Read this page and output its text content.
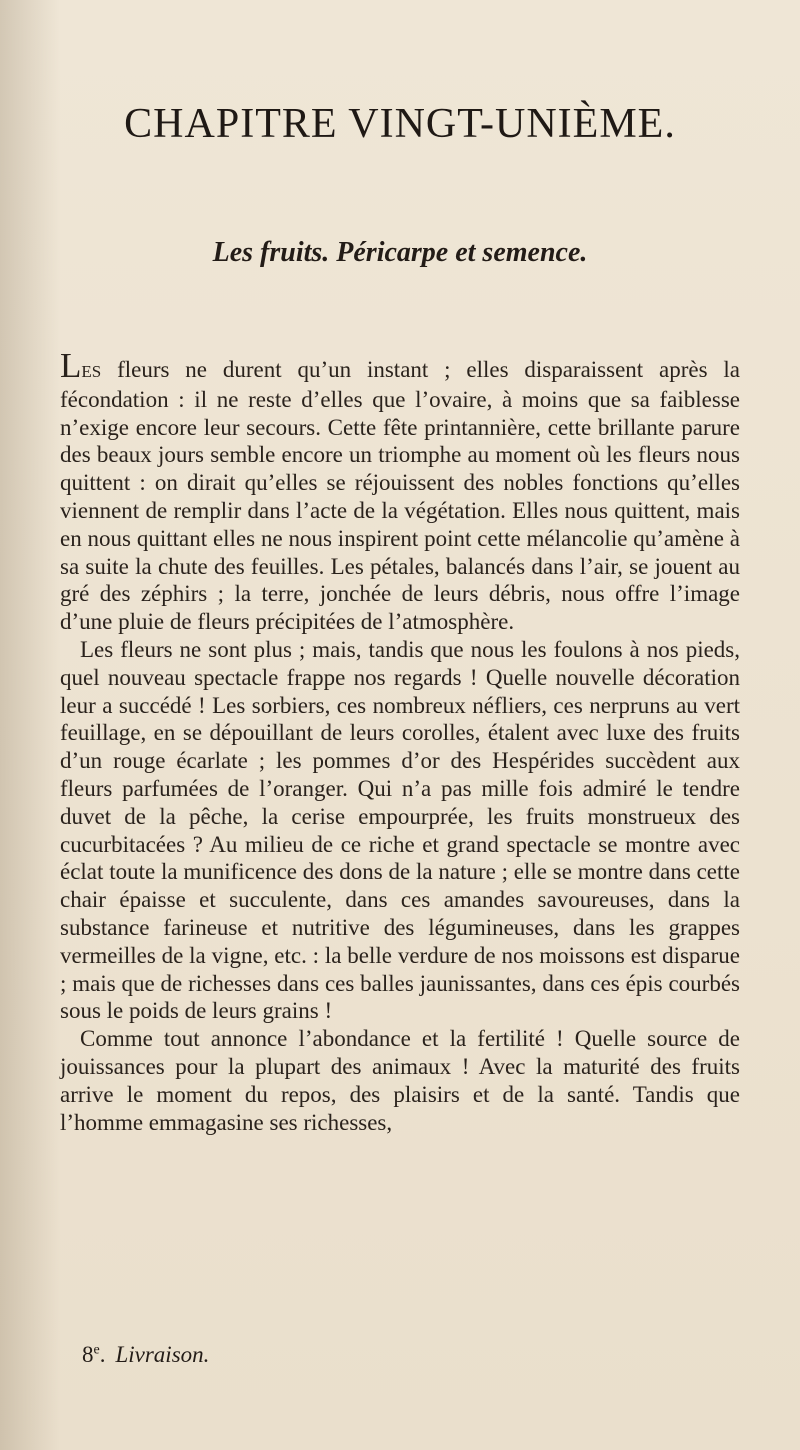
CHAPITRE VINGT-UNIÈME.
Les fruits. Péricarpe et semence.

LES fleurs ne durent qu’un instant ; elles disparaissent après la fécondation : il ne reste d’elles que l’ovaire, à moins que sa faiblesse n’exige encore leur secours. Cette fête printannière, cette brillante parure des beaux jours semble encore un triomphe au moment où les fleurs nous quittent : on dirait qu’elles se réjouissent des nobles fonctions qu’elles viennent de remplir dans l’acte de la végétation. Elles nous quittent, mais en nous quittant elles ne nous inspirent point cette mélancolie qu’amène à sa suite la chute des feuilles. Les pétales, balancés dans l’air, se jouent au gré des zéphirs ; la terre, jonchée de leurs débris, nous offre l’image d’une pluie de fleurs précipitées de l’atmosphère.

Les fleurs ne sont plus ; mais, tandis que nous les foulons à nos pieds, quel nouveau spectacle frappe nos regards ! Quelle nouvelle décoration leur a succédé ! Les sorbiers, ces nombreux néfliers, ces nerpruns au vert feuillage, en se dépouillant de leurs corolles, étalent avec luxe des fruits d’un rouge écarlate ; les pommes d’or des Hespérides succèdent aux fleurs parfumées de l’oranger. Qui n’a pas mille fois admiré le tendre duvet de la pêche, la cerise empourprée, les fruits monstrueux des cucurbitacées ? Au milieu de ce riche et grand spectacle se montre avec éclat toute la munificence des dons de la nature ; elle se montre dans cette chair épaisse et succulente, dans ces amandes savoureuses, dans la substance farineuse et nutritive des légumineuses, dans les grappes vermeilles de la vigne, etc. : la belle verdure de nos moissons est disparue ; mais que de richesses dans ces balles jaunissantes, dans ces épis courbés sous le poids de leurs grains !

Comme tout annonce l’abondance et la fertilité ! Quelle source de jouissances pour la plupart des animaux ! Avec la maturité des fruits arrive le moment du repos, des plaisirs et de la santé. Tandis que l’homme emmagasine ses richesses,

8e. Livraison.
